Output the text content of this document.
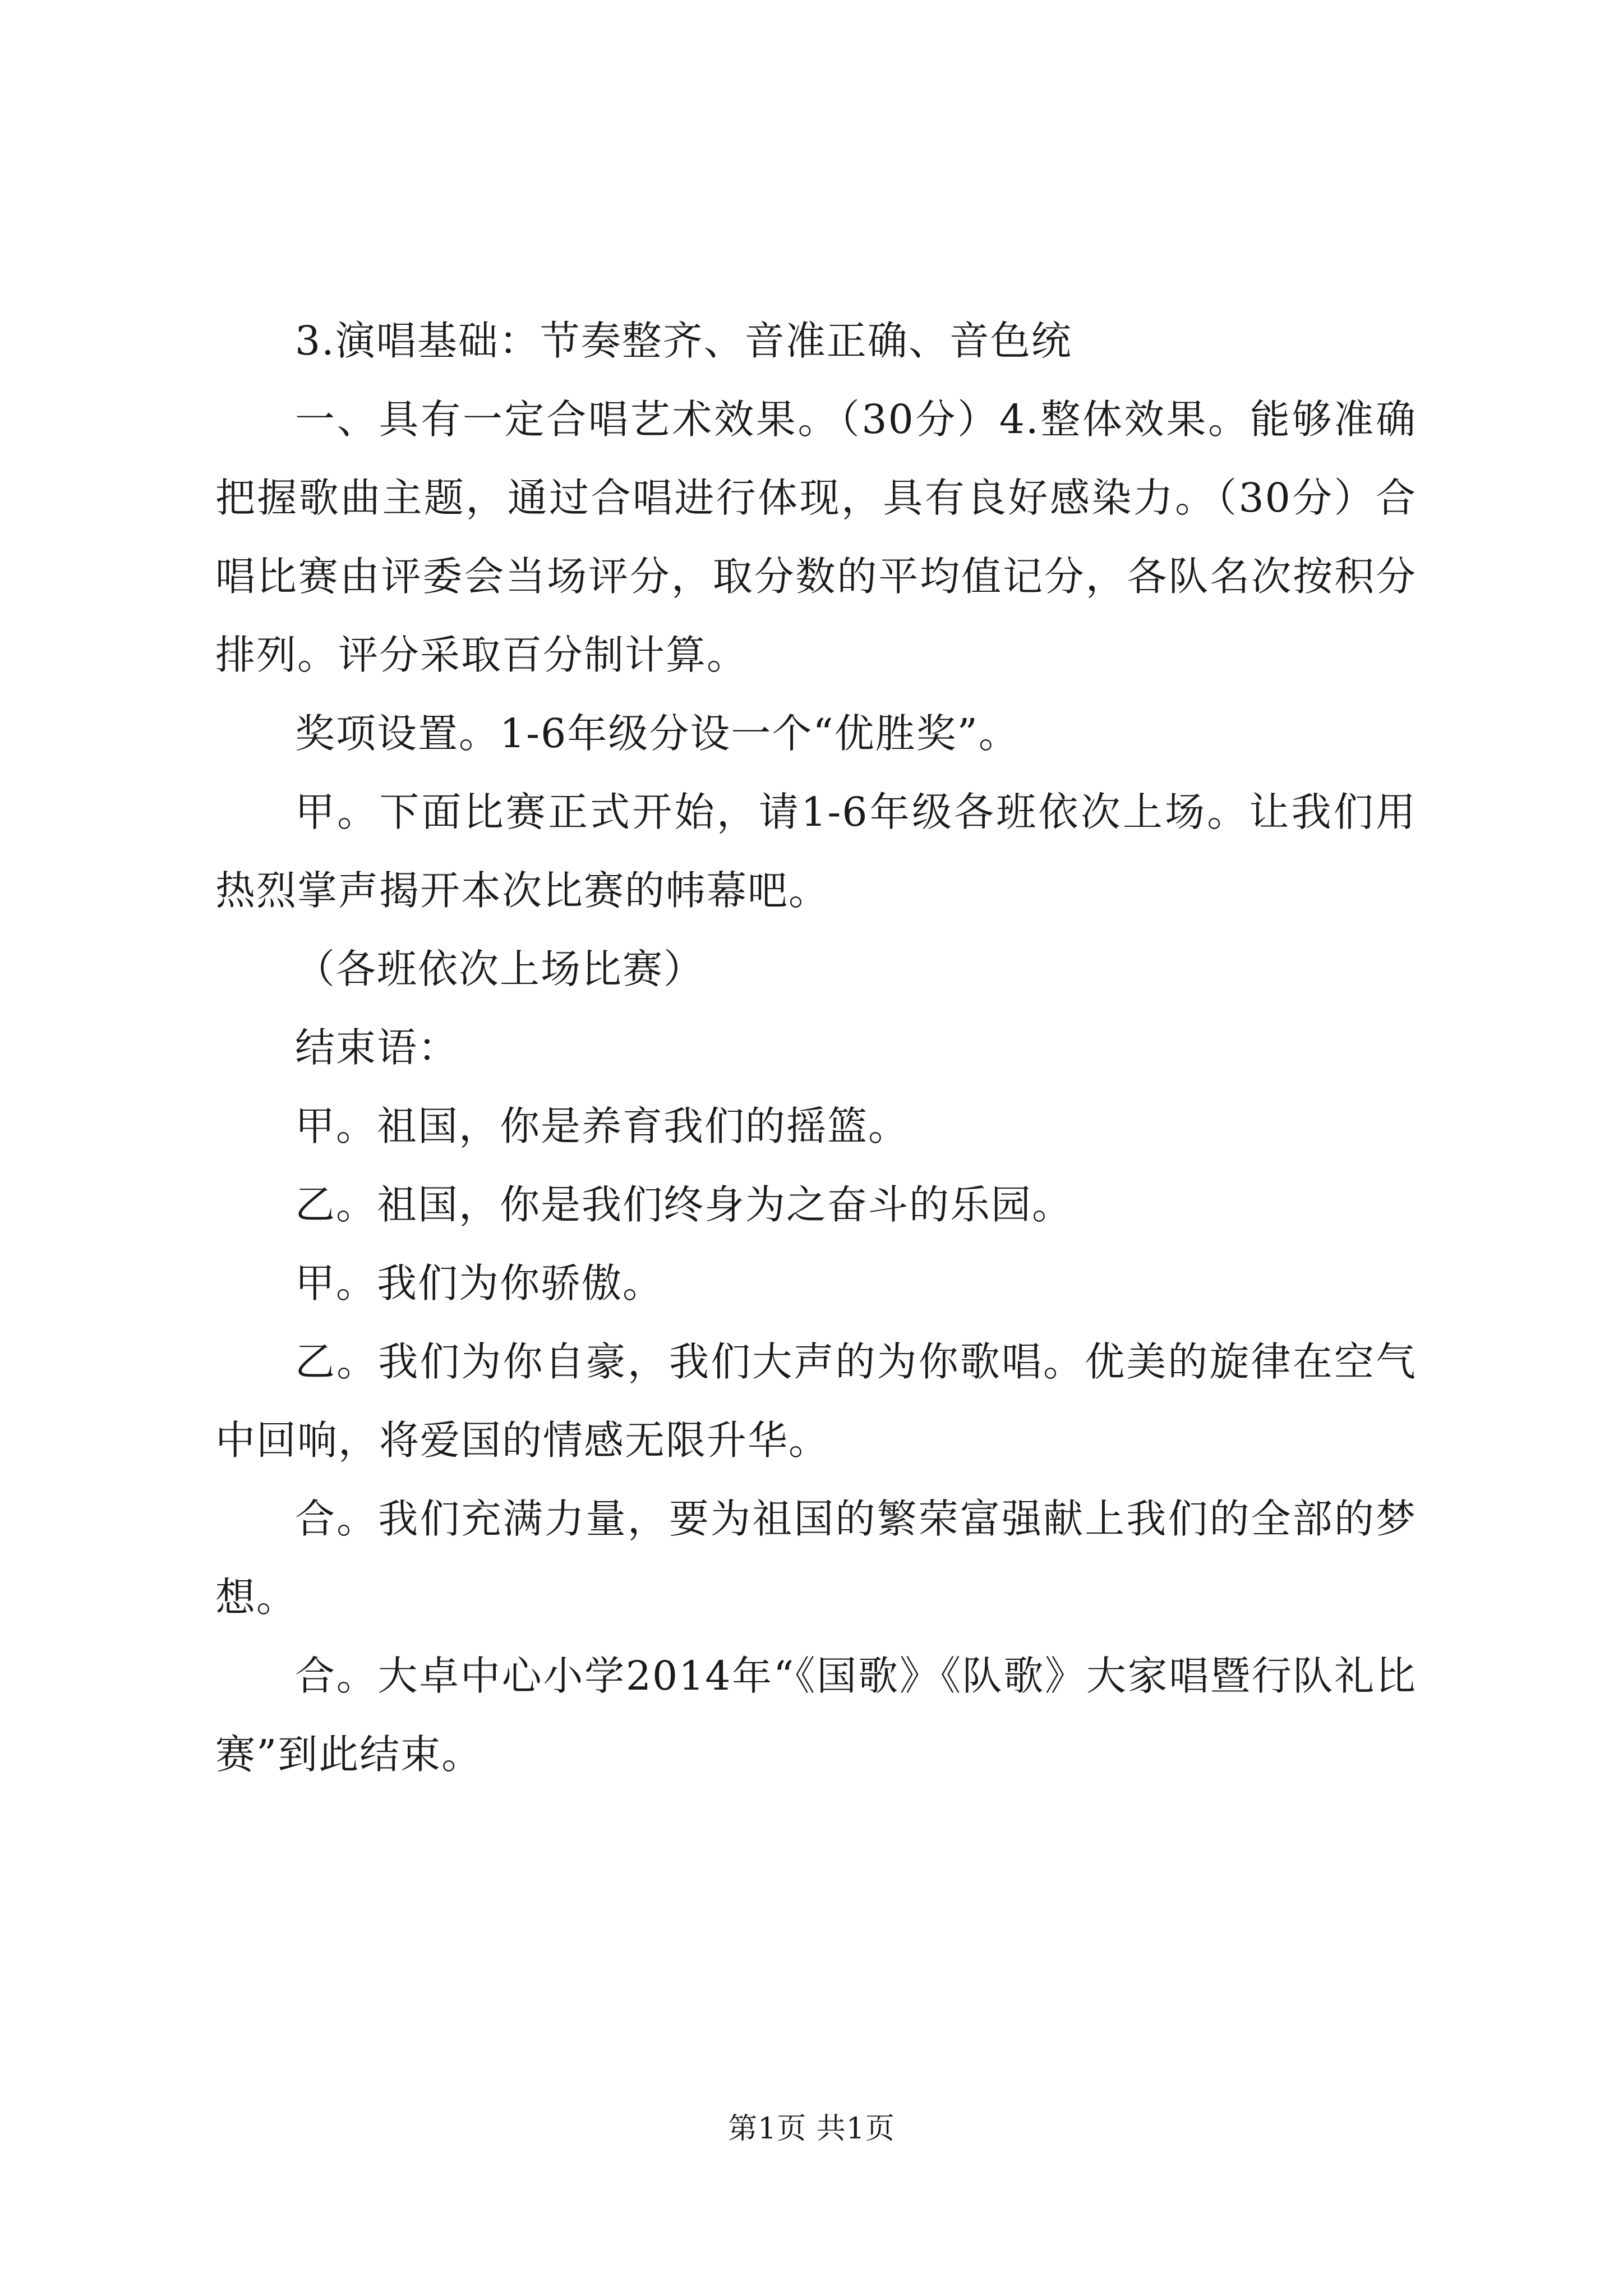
3.演唱基础：节奏整齐、音准正确、音色统

一、具有一定合唱艺术效果。（30分）4.整体效果。能够准确把握歌曲主题，通过合唱进行体现，具有良好感染力。（30分）合唱比赛由评委会当场评分，取分数的平均值记分，各队名次按积分排列。评分采取百分制计算。

奖项设置。1-6年级分设一个“优胜奖”。

甲。下面比赛正式开始，请1-6年级各班依次上场。让我们用热烈掌声揭开本次比赛的帏幕吧。

（各班依次上场比赛）

结束语：

甲。祖国，你是养育我们的摇篮。

乙。祖国，你是我们终身为之奋斗的乐园。

甲。我们为你骄傲。

乙。我们为你自豪，我们大声的为你歌唱。优美的旋律在空气中回响，将爱国的情感无限升华。

合。我们充满力量，要为祖国的繁荣富强献上我们的全部的梦想。

合。大卓中心小学2014年“《国歌》《队歌》大家唱暨行队礼比赛”到此结束。

第1页 共1页
